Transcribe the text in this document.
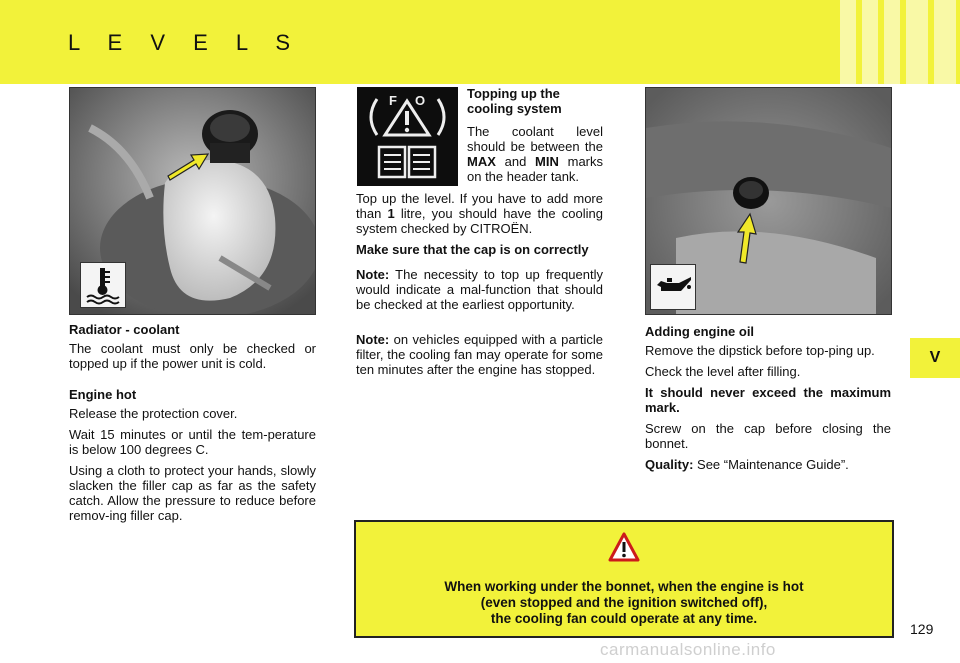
L E V E L S
V
F O
Radiator - coolant

The coolant must only be checked or topped up if the power unit is cold.

Engine hot

Release the protection cover.

Wait 15 minutes or until the tem-perature is below 100 degrees C.

Using a cloth to protect your hands, slowly slacken the filler cap as far as the safety catch. Allow the pressure to reduce before remov-ing filler cap.

Topping up the cooling system

The coolant level should be between the MAX and MIN marks on the header tank.

Top up the level. If you have to add more than 1 litre, you should have the cooling system checked by CITROËN.

Make sure that the cap is on correctly

Note: The necessity to top up frequently would indicate a mal-function that should be checked at the earliest opportunity.

Note: on vehicles equipped with a particle filter, the cooling fan may operate for some ten minutes after the engine has stopped.

Adding engine oil

Remove the dipstick before top-ping up.

Check the level after filling.

It should never exceed the maximum mark.

Screw on the cap before closing the bonnet.

Quality: See “Maintenance Guide”.

When working under the bonnet, when the engine is hot
(even stopped and the ignition switched off),
the cooling fan could operate at any time.
129
carmanualsonline.info
